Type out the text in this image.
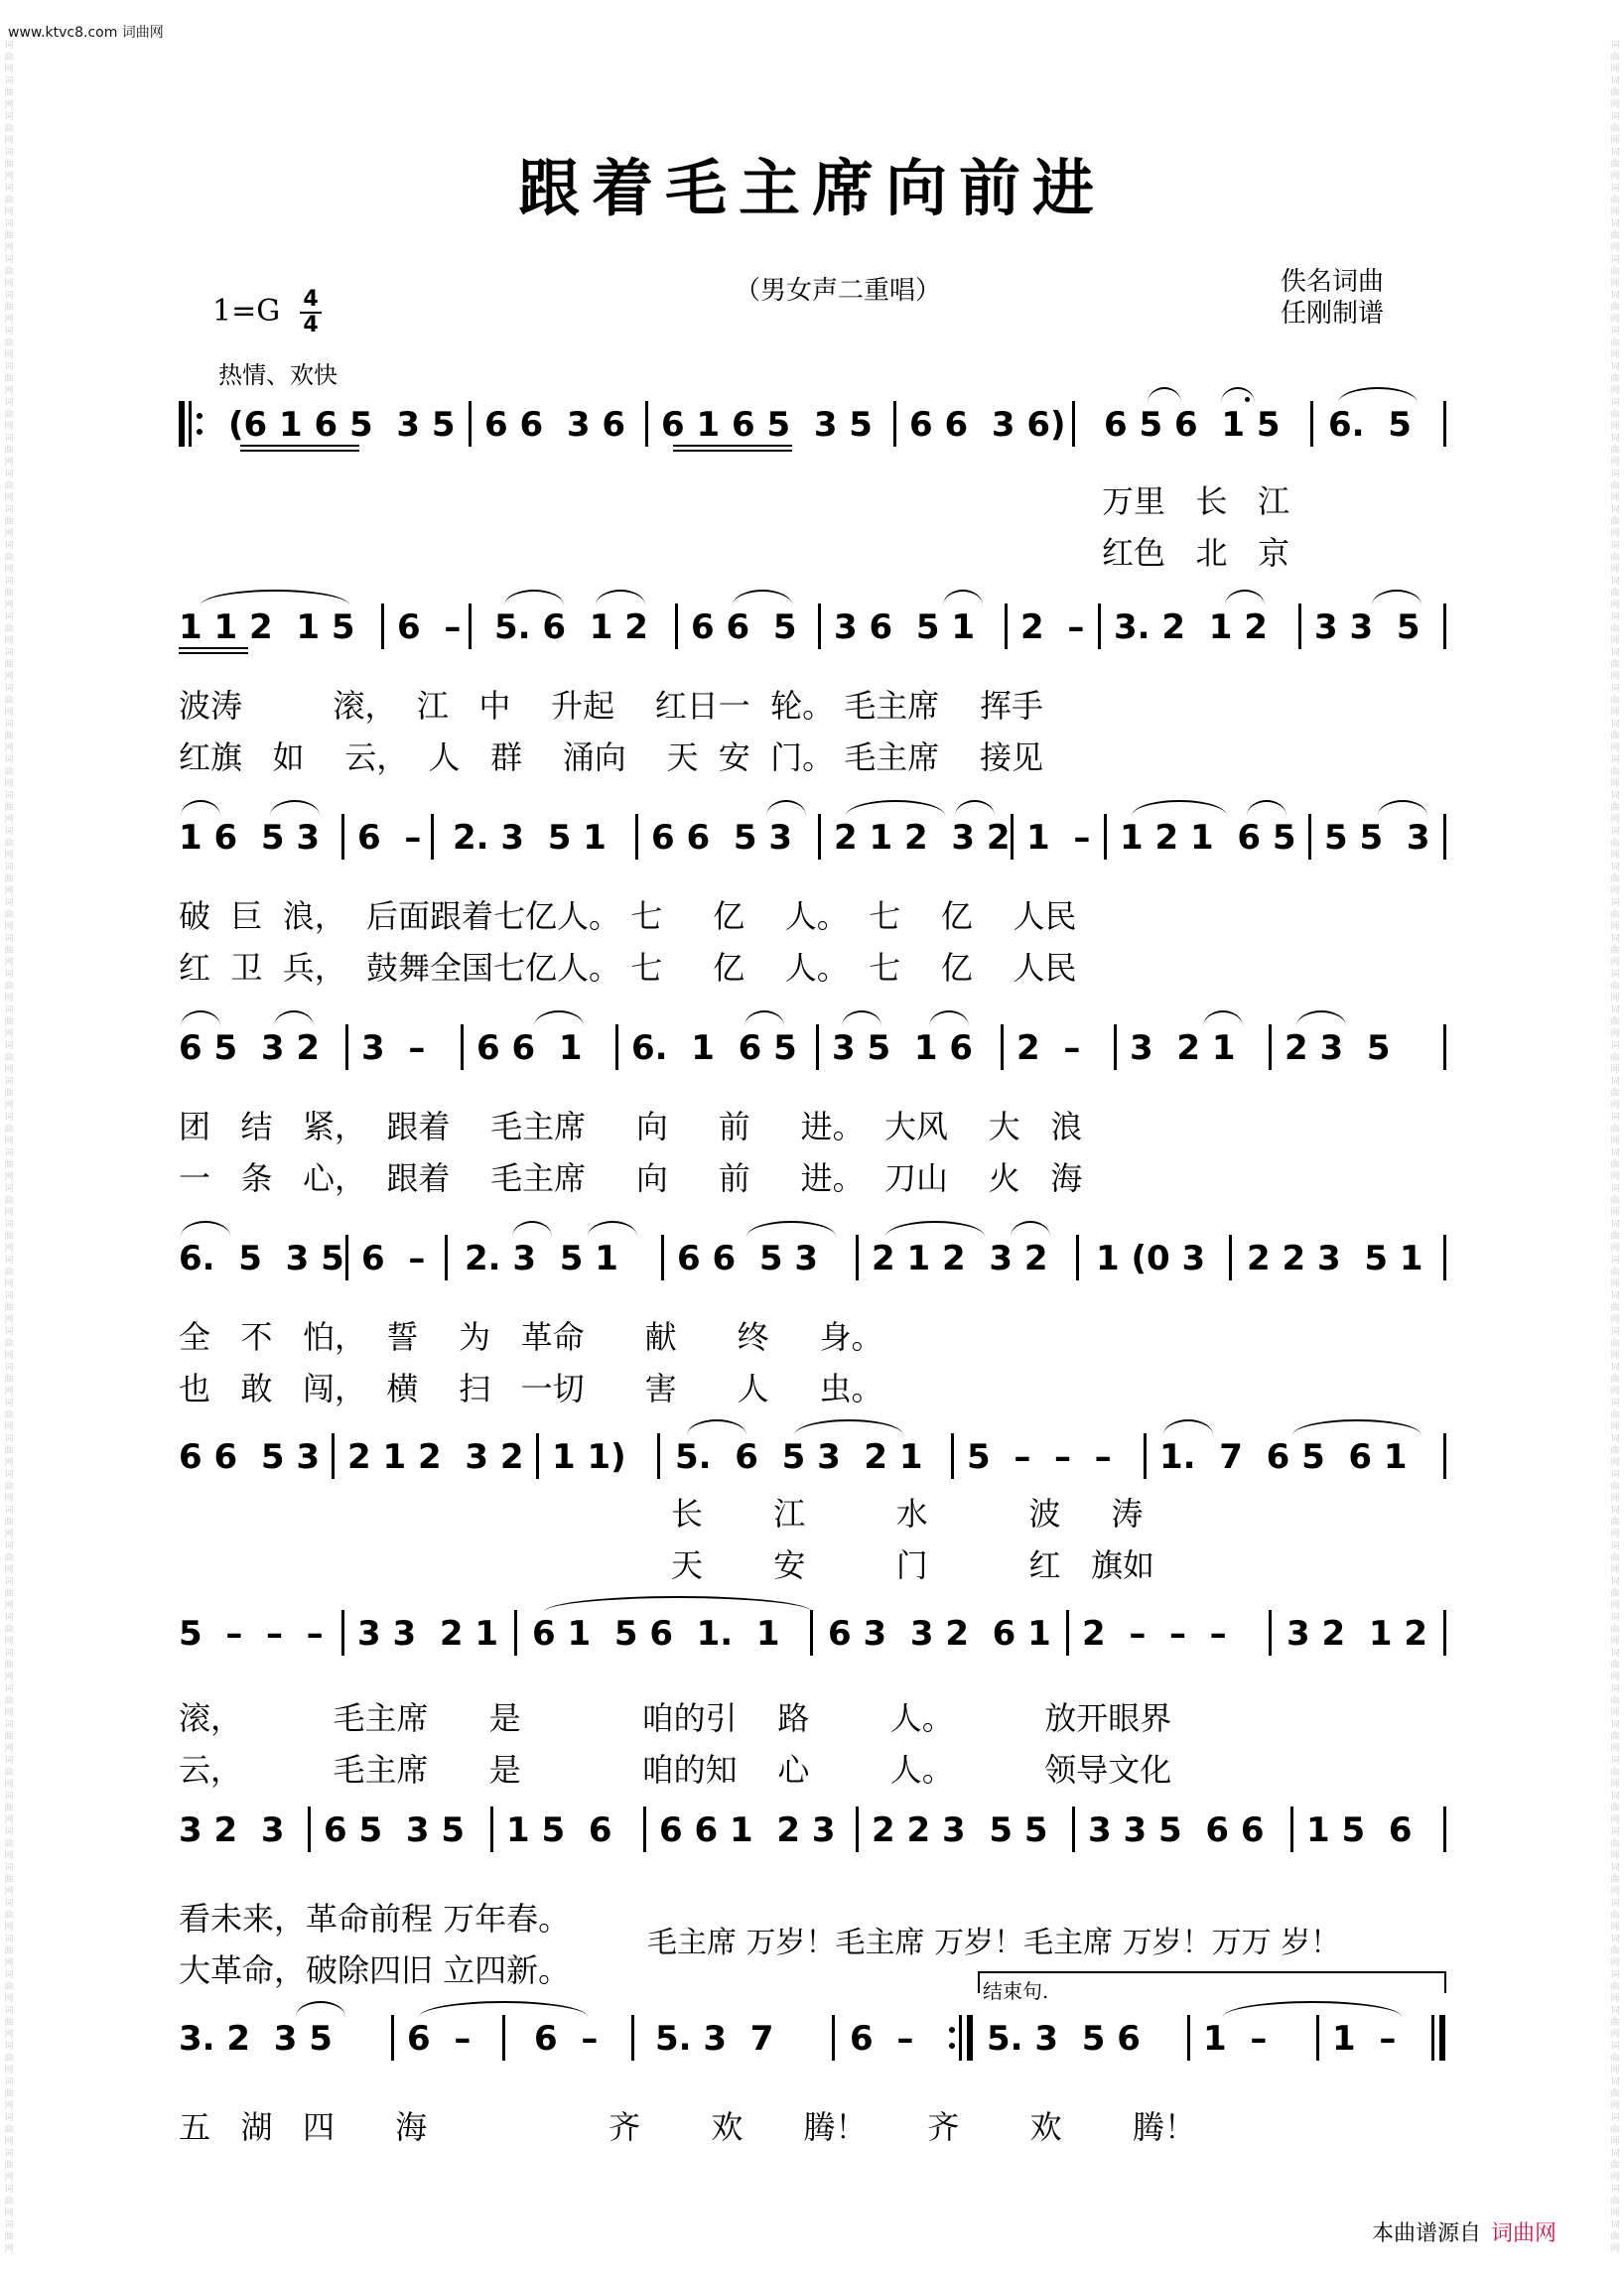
www.ktvc8.com 词曲网
词曲网词曲网词曲网词曲网词曲网词曲网词曲网词曲网词曲网词曲网词曲网词曲网词曲网词曲网词曲网词曲网词曲网词曲网词曲网词曲网词曲网词曲网词曲网词曲网词曲网词曲网词曲网词曲网词曲网词曲网词曲网词曲网词曲网词曲网词曲网词曲网词曲网词曲网词曲网词曲网词曲网词曲网词曲网词曲网词曲网词曲网词曲网词曲网词曲网词曲网词曲网词曲网词曲网词曲网词曲网词曲网词曲网词曲网词曲网词曲网词曲网词曲网
词曲网词曲网词曲网词曲网词曲网词曲网词曲网词曲网词曲网词曲网词曲网词曲网词曲网词曲网词曲网词曲网词曲网词曲网词曲网词曲网词曲网词曲网词曲网词曲网词曲网词曲网词曲网词曲网词曲网词曲网词曲网词曲网词曲网词曲网词曲网词曲网词曲网词曲网词曲网词曲网词曲网词曲网词曲网词曲网词曲网词曲网词曲网词曲网词曲网词曲网词曲网词曲网词曲网词曲网词曲网词曲网词曲网词曲网词曲网词曲网词曲网词曲网
跟着毛主席向前进
（男女声二重唱）	佚名词曲
任刚制谱
1=G 4
4
热情、欢快
(6 1 6 5  3 5 6 6  3 6 6 1 6 5  3 5 6 6  3 6) 6 5 6  1 5 6.  5
万里   长   江
红色   北   京
1 1 2  1 5 6  – 5. 6  1 2 6 6  5 3 6  5 1 2  – 3. 2  1 2 3 3  5
波涛         滚，  江   中    升起    红日一  轮。 毛主席    挥手
红旗   如    云，  人   群    涌向    天  安  门。 毛主席    接见
1 6  5 3 6  – 2. 3  5 1 6 6  5 3 2 1 2  3 2 1  – 1 2 1  6 5 5 5  3
破  巨  浪，  后面跟着七亿人。 七     亿    人。  七    亿    人民
红  卫  兵，  鼓舞全国七亿人。 七     亿    人。  七    亿    人民
6 5  3 2 3  – 6 6  1 6.  1  6 5 3 5  1 6 2  – 3  2 1 2 3  5
团   结   紧，  跟着    毛主席     向     前     进。  大风    大   浪
一   条   心，  跟着    毛主席     向     前     进。  刀山    火   海
6.  5  3 5 6  – 2. 3  5 1 6 6  5 3 2 1 2  3 2 1 (0 3 2 2 3  5 1
全   不   怕，  誓    为   革命      献      终     身。
也   敢   闯，  横    扫   一切      害      人     虫。
6 6  5 3 2 1 2  3 2 1 1) 5.  6  5 3  2 1 5  –  –  – 1.  7  6 5  6 1
长       江         水          波     涛
天       安         门          红   旗如
5  –  –  – 3 3  2 1 6 1  5 6  1.  1 6 3  3 2  6 1 2  –  –  – 3 2  1 2
滚，         毛主席      是            咱的引    路        人。         放开眼界
云，         毛主席      是            咱的知    心        人。         领导文化
3 2  3 6 5  3 5 1 5  6 6 6 1  2 3 2 2 3  5 5 3 3 5  6 6 1 5  6
看未来，革命前程 万年春。
大革命，破除四旧 立四新。
毛主席 万岁！毛主席 万岁！毛主席 万岁！万万 岁！
结束句.
3. 2  3 5 6  – 6  – 5. 3  7 6  – 5. 3  5 6 1  – 1  –
五   湖   四      海                  齐       欢      腾！      齐       欢       腾！
本曲谱源自 词曲网
